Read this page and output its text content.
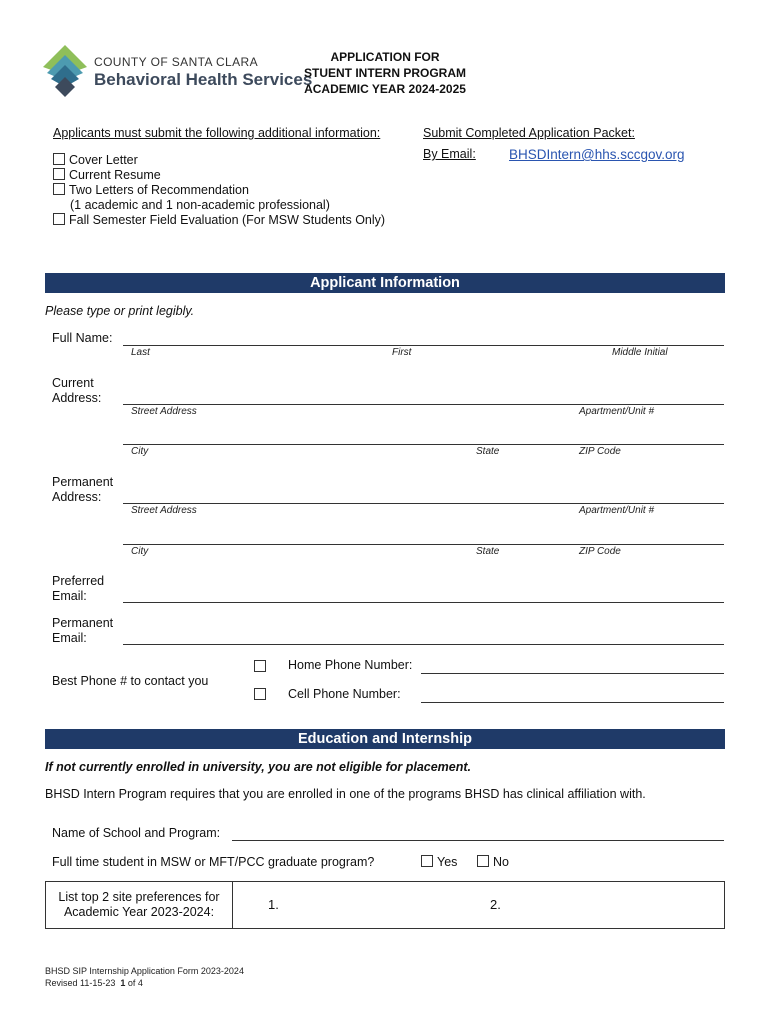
COUNTY OF SANTA CLARA
Behavioral Health Services
APPLICATION FOR
STUENT INTERN PROGRAM
ACADEMIC YEAR 2024-2025
Applicants must submit the following additional information:
Cover Letter
Current Resume
Two Letters of Recommendation
(1 academic and 1 non-academic professional)
Fall Semester Field Evaluation (For MSW Students Only)
Submit Completed Application Packet:
By Email: BHSDIntern@hhs.sccgov.org
Applicant Information
Please type or print legibly.
Full Name:
Last	First	Middle Initial
Current Address:
Street Address	Apartment/Unit #
City	State	ZIP Code
Permanent Address:
Street Address	Apartment/Unit #
City	State	ZIP Code
Preferred Email:
Permanent Email:
Best Phone # to contact you
Home Phone Number:
Cell Phone Number:
Education and Internship
If not currently enrolled in university, you are not eligible for placement.
BHSD Intern Program requires that you are enrolled in one of the programs BHSD has clinical affiliation with.
Name of School and Program:
Full time student in MSW or MFT/PCC graduate program?	Yes	No
List top 2 site preferences for Academic Year 2023-2024:	1.	2.
BHSD SIP Internship Application Form 2023-2024
Revised 11-15-23 1 of 4
